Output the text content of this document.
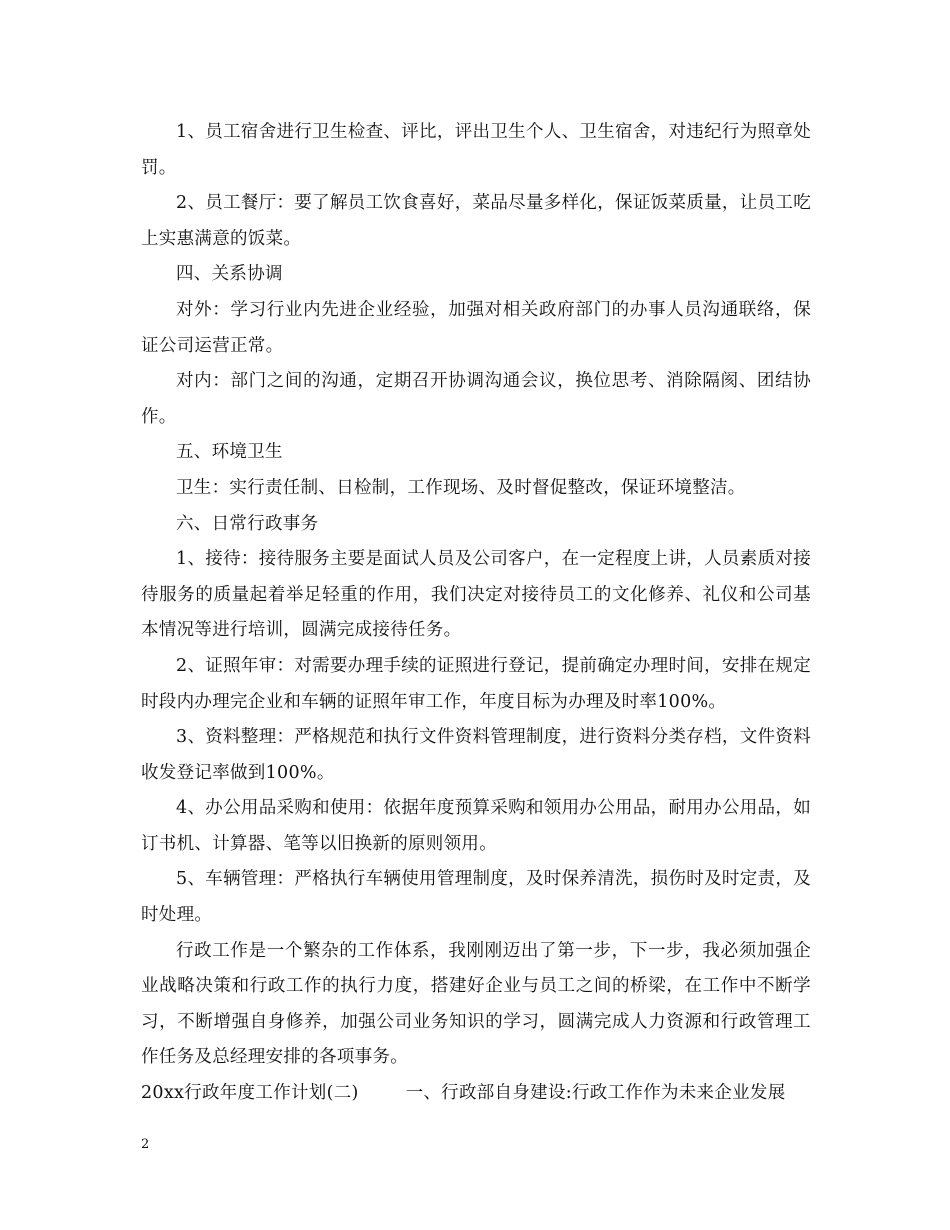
1、员工宿舍进行卫生检查、评比，评出卫生个人、卫生宿舍，对违纪行为照章处罚。

2、员工餐厅：要了解员工饮食喜好，菜品尽量多样化，保证饭菜质量，让员工吃上实惠满意的饭菜。

四、关系协调

对外：学习行业内先进企业经验，加强对相关政府部门的办事人员沟通联络，保证公司运营正常。

对内：部门之间的沟通，定期召开协调沟通会议，换位思考、消除隔阂、团结协作。

五、环境卫生

卫生：实行责任制、日检制，工作现场、及时督促整改，保证环境整洁。

六、日常行政事务

1、接待：接待服务主要是面试人员及公司客户，在一定程度上讲，人员素质对接待服务的质量起着举足轻重的作用，我们决定对接待员工的文化修养、礼仪和公司基本情况等进行培训，圆满完成接待任务。

2、证照年审：对需要办理手续的证照进行登记，提前确定办理时间，安排在规定时段内办理完企业和车辆的证照年审工作，年度目标为办理及时率100%。

3、资料整理：严格规范和执行文件资料管理制度，进行资料分类存档，文件资料收发登记率做到100%。

4、办公用品采购和使用：依据年度预算采购和领用办公用品，耐用办公用品，如订书机、计算器、笔等以旧换新的原则领用。

5、车辆管理：严格执行车辆使用管理制度，及时保养清洗，损伤时及时定责，及时处理。

行政工作是一个繁杂的工作体系，我刚刚迈出了第一步，下一步，我必须加强企业战略决策和行政工作的执行力度，搭建好企业与员工之间的桥梁，在工作中不断学习，不断增强自身修养，加强公司业务知识的学习，圆满完成人力资源和行政管理工作任务及总经理安排的各项事务。

20xx行政年度工作计划(二)        一、行政部自身建设:行政工作作为未来企业发展

2
